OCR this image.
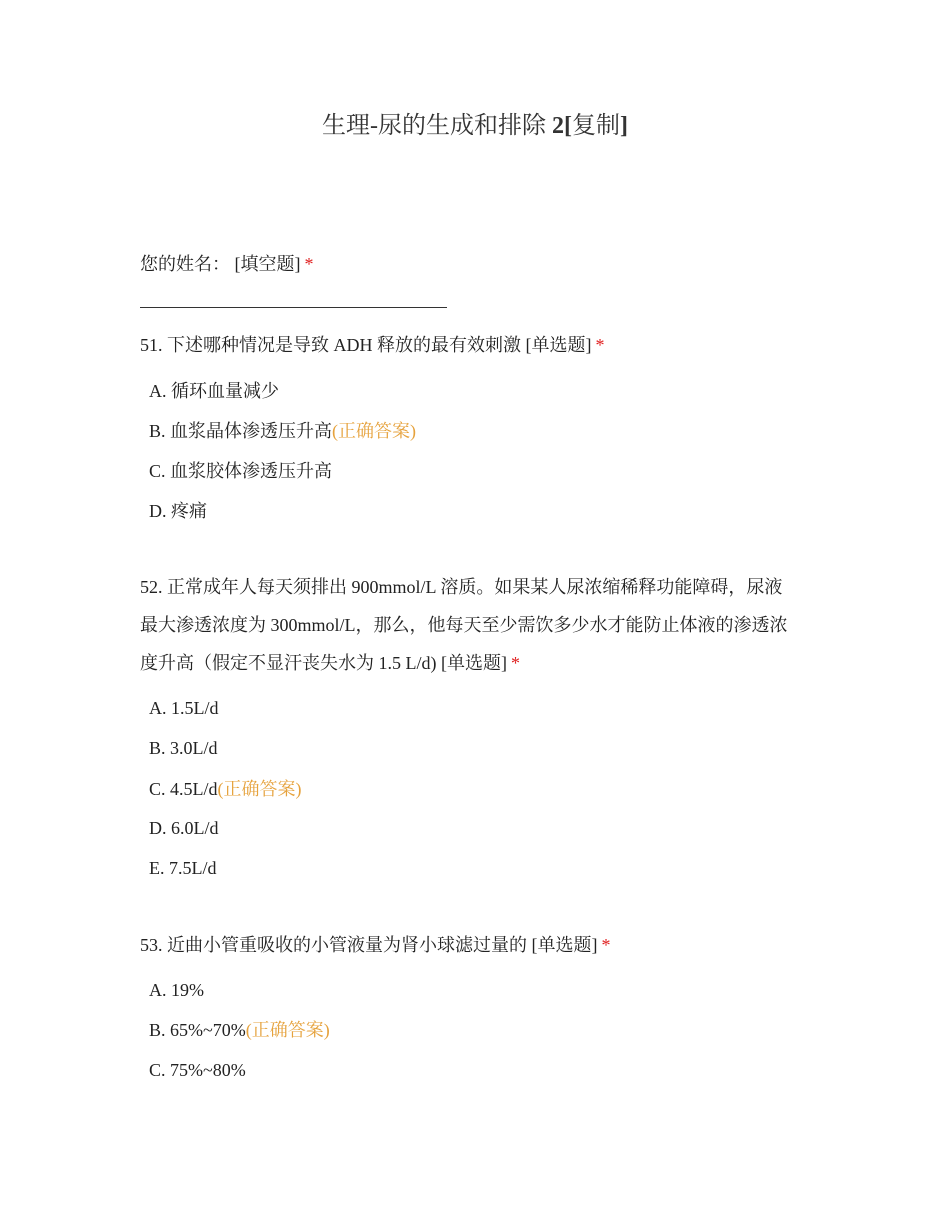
生理-尿的生成和排除 2[复制]
您的姓名： [填空题] *
51. 下述哪种情况是导致 ADH 释放的最有效刺激 [单选题] *
A. 循环血量减少
B. 血浆晶体渗透压升高(正确答案)
C. 血浆胶体渗透压升高
D. 疼痛
52. 正常成年人每天须排出 900mmol/L 溶质。如果某人尿浓缩稀释功能障碍，尿液
最大渗透浓度为 300mmol/L，那么，他每天至少需饮多少水才能防止体液的渗透浓
度升高（假定不显汗丧失水为 1.5 L/d) [单选题] *
A. 1.5L/d
B. 3.0L/d
C. 4.5L/d(正确答案)
D. 6.0L/d
E. 7.5L/d
53. 近曲小管重吸收的小管液量为肾小球滤过量的 [单选题] *
A. 19%
B. 65%~70%(正确答案)
C. 75%~80%
